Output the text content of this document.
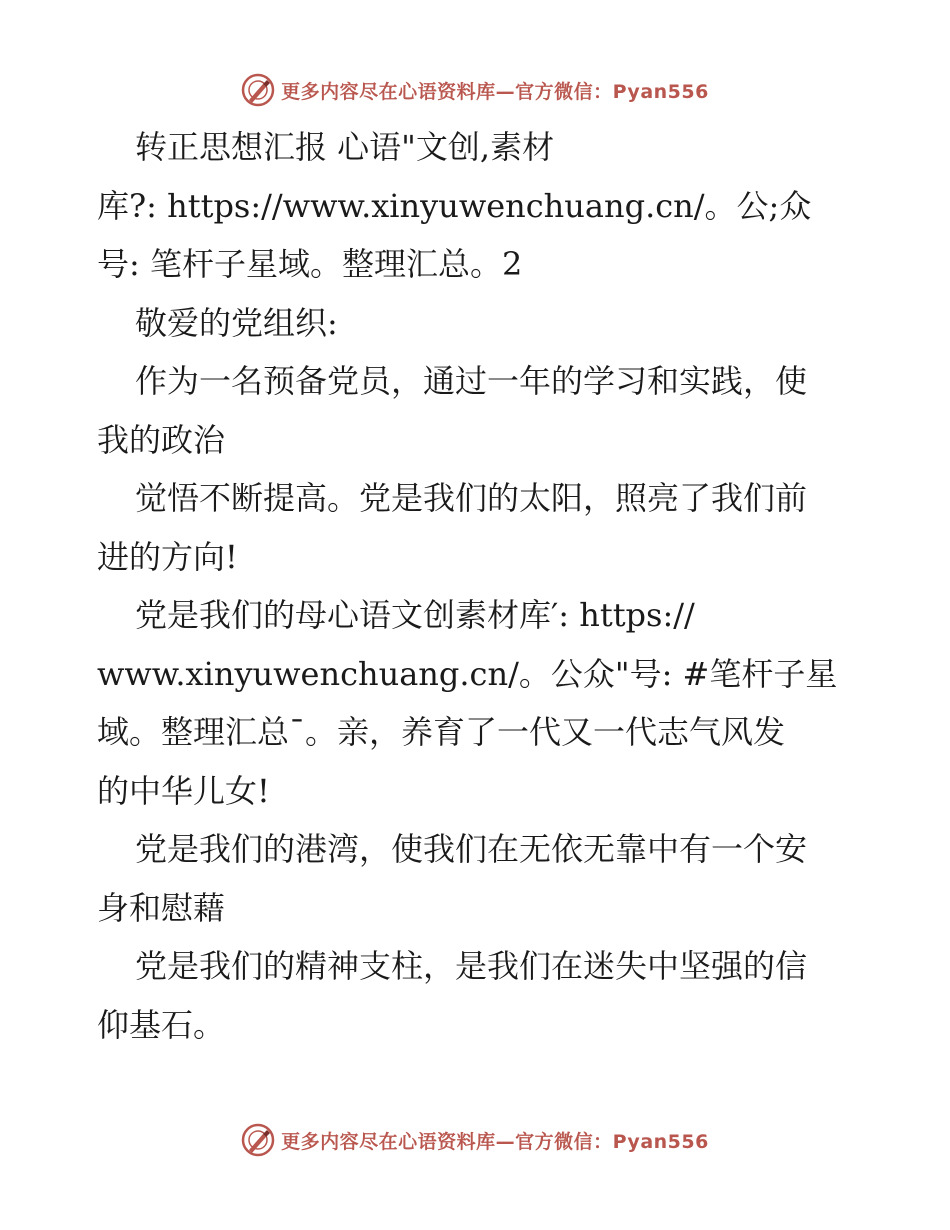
更多内容尽在心语资料库—官方微信：Pyan556
转正思想汇报 心语"文创,素材
库?: https://www.xinyuwenchuang.cn/。公;众
号: 笔杆子星域。整理汇总。2
敬爱的党组织:
作为一名预备党员，通过一年的学习和实践，使
我的政治
觉悟不断提高。党是我们的太阳，照亮了我们前
进的方向!
党是我们的母心语文创素材库′: https://
www.xinyuwenchuang.cn/。公众"号: #笔杆子星
域。整理汇总¯。亲，养育了一代又一代志气风发
的中华儿女!
党是我们的港湾，使我们在无依无靠中有一个安
身和慰藉
党是我们的精神支柱，是我们在迷失中坚强的信
仰基石。
更多内容尽在心语资料库—官方微信：Pyan556
